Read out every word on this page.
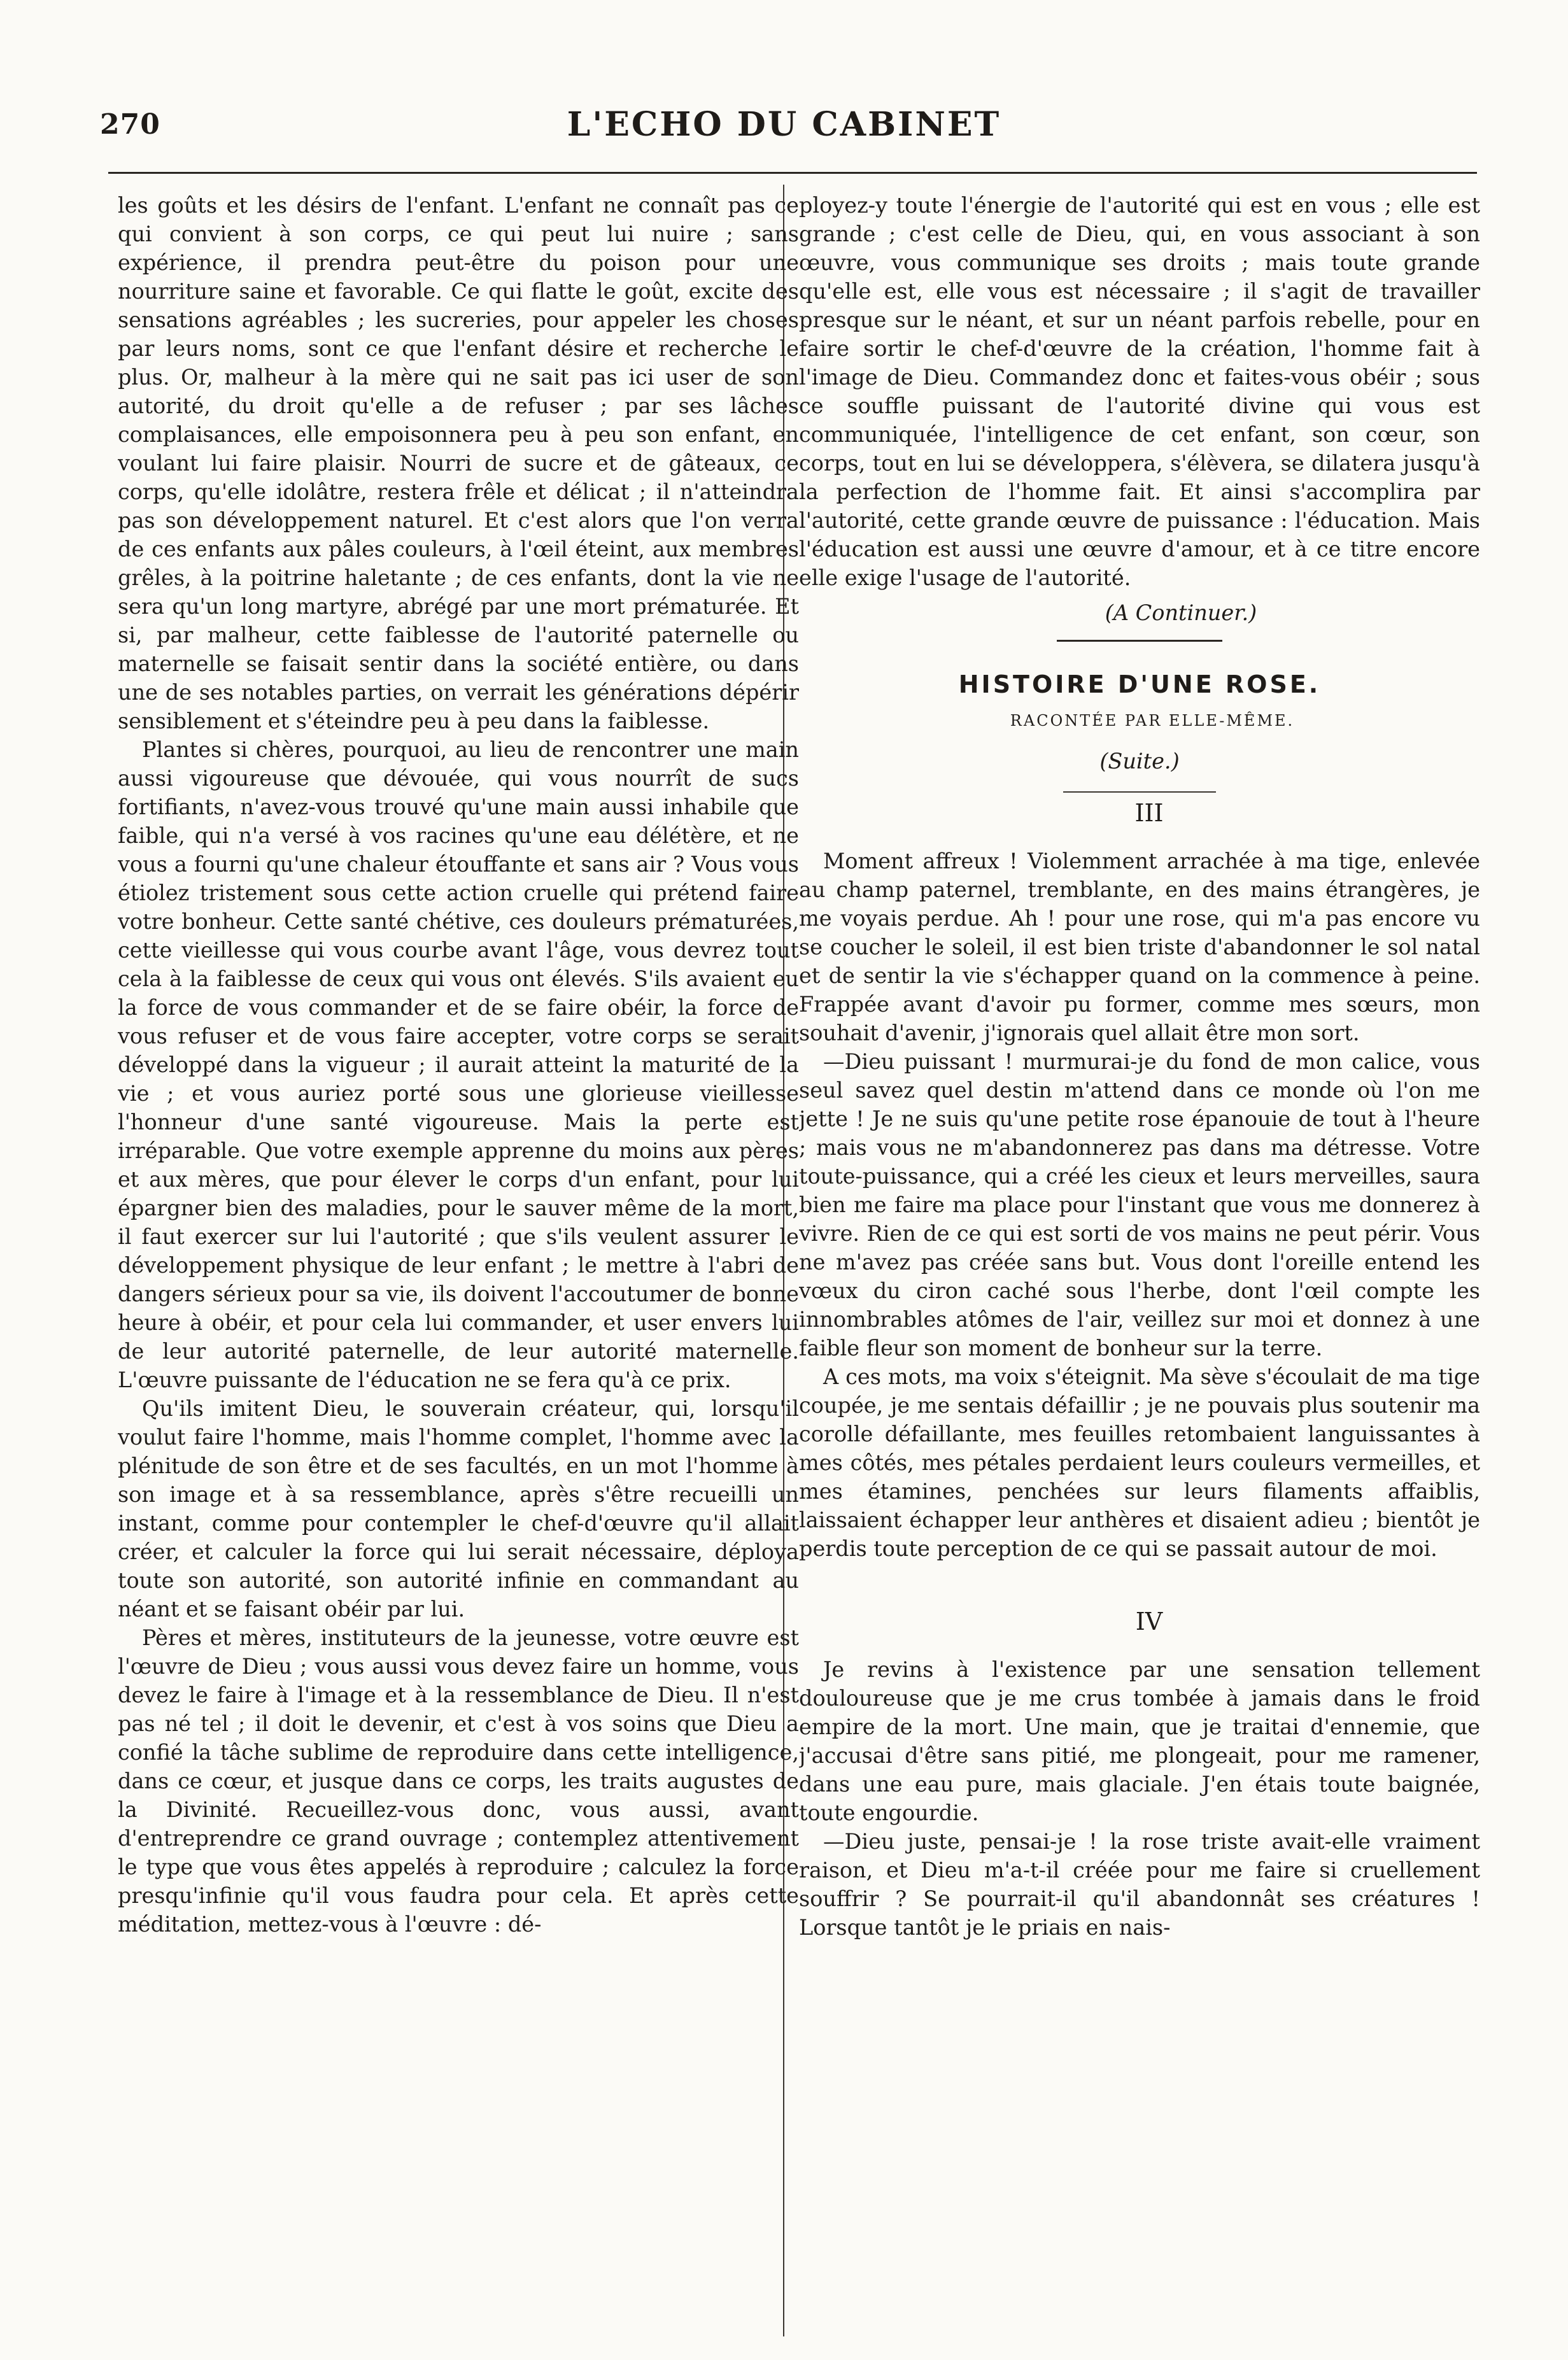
270	L'ECHO DU CABINET

les goûts et les désirs de l'enfant. L'enfant ne connaît pas ce qui convient à son corps, ce qui peut lui nuire ; sans expérience, il prendra peut-être du poison pour une nourriture saine et favorable. Ce qui flatte le goût, excite des sensations agréables ; les sucreries, pour appeler les choses par leurs noms, sont ce que l'enfant désire et recherche le plus. Or, malheur à la mère qui ne sait pas ici user de son autorité, du droit qu'elle a de refuser ; par ses lâches complaisances, elle empoisonnera peu à peu son enfant, en voulant lui faire plaisir. Nourri de sucre et de gâteaux, ce corps, qu'elle idolâtre, restera frêle et délicat ; il n'atteindra pas son développement naturel. Et c'est alors que l'on verra de ces enfants aux pâles couleurs, à l'œil éteint, aux membres grêles, à la poitrine haletante ; de ces enfants, dont la vie ne sera qu'un long martyre, abrégé par une mort prématurée. Et si, par malheur, cette faiblesse de l'autorité paternelle ou maternelle se faisait sentir dans la société entière, ou dans une de ses notables parties, on verrait les générations dépérir sensiblement et s'éteindre peu à peu dans la faiblesse.

Plantes si chères, pourquoi, au lieu de rencontrer une main aussi vigoureuse que dévouée, qui vous nourrît de sucs fortifiants, n'avez-vous trouvé qu'une main aussi inhabile que faible, qui n'a versé à vos racines qu'une eau délétère, et ne vous a fourni qu'une chaleur étouffante et sans air ? Vous vous étiolez tristement sous cette action cruelle qui prétend faire votre bonheur. Cette santé chétive, ces douleurs prématurées, cette vieillesse qui vous courbe avant l'âge, vous devrez tout cela à la faiblesse de ceux qui vous ont élevés. S'ils avaient eu la force de vous commander et de se faire obéir, la force de vous refuser et de vous faire accepter, votre corps se serait développé dans la vigueur ; il aurait atteint la maturité de la vie ; et vous auriez porté sous une glorieuse vieillesse l'honneur d'une santé vigoureuse. Mais la perte est irréparable. Que votre exemple apprenne du moins aux pères et aux mères, que pour élever le corps d'un enfant, pour lui épargner bien des maladies, pour le sauver même de la mort, il faut exercer sur lui l'autorité ; que s'ils veulent assurer le développement physique de leur enfant ; le mettre à l'abri de dangers sérieux pour sa vie, ils doivent l'accoutumer de bonne heure à obéir, et pour cela lui commander, et user envers lui de leur autorité paternelle, de leur autorité maternelle. L'œuvre puissante de l'éducation ne se fera qu'à ce prix.

Qu'ils imitent Dieu, le souverain créateur, qui, lorsqu'il voulut faire l'homme, mais l'homme complet, l'homme avec la plénitude de son être et de ses facultés, en un mot l'homme à son image et à sa ressemblance, après s'être recueilli un instant, comme pour contempler le chef-d'œuvre qu'il allait créer, et calculer la force qui lui serait nécessaire, déploya toute son autorité, son autorité infinie en commandant au néant et se faisant obéir par lui.

Pères et mères, instituteurs de la jeunesse, votre œuvre est l'œuvre de Dieu ; vous aussi vous devez faire un homme, vous devez le faire à l'image et à la ressemblance de Dieu. Il n'est pas né tel ; il doit le devenir, et c'est à vos soins que Dieu a confié la tâche sublime de reproduire dans cette intelligence, dans ce cœur, et jusque dans ce corps, les traits augustes de la Divinité. Recueillez-vous donc, vous aussi, avant d'entreprendre ce grand ouvrage ; contemplez attentivement le type que vous êtes appelés à reproduire ; calculez la force presqu'infinie qu'il vous faudra pour cela. Et après cette méditation, mettez-vous à l'œuvre : dé-

ployez-y toute l'énergie de l'autorité qui est en vous ; elle est grande ; c'est celle de Dieu, qui, en vous associant à son œuvre, vous communique ses droits ; mais toute grande qu'elle est, elle vous est nécessaire ; il s'agit de travailler presque sur le néant, et sur un néant parfois rebelle, pour en faire sortir le chef-d'œuvre de la création, l'homme fait à l'image de Dieu. Commandez donc et faites-vous obéir ; sous ce souffle puissant de l'autorité divine qui vous est communiquée, l'intelligence de cet enfant, son cœur, son corps, tout en lui se développera, s'élèvera, se dilatera jusqu'à la perfection de l'homme fait. Et ainsi s'accomplira par l'autorité, cette grande œuvre de puissance : l'éducation. Mais l'éducation est aussi une œuvre d'amour, et à ce titre encore elle exige l'usage de l'autorité.

(A Continuer.)
HISTOIRE D'UNE ROSE.
RACONTÉE PAR ELLE-MÊME.
(Suite.)
III

Moment affreux ! Violemment arrachée à ma tige, enlevée au champ paternel, tremblante, en des mains étrangères, je me voyais perdue. Ah ! pour une rose, qui m'a pas encore vu se coucher le soleil, il est bien triste d'abandonner le sol natal et de sentir la vie s'échapper quand on la commence à peine. Frappée avant d'avoir pu former, comme mes sœurs, mon souhait d'avenir, j'ignorais quel allait être mon sort.

—Dieu puissant ! murmurai-je du fond de mon calice, vous seul savez quel destin m'attend dans ce monde où l'on me jette ! Je ne suis qu'une petite rose épanouie de tout à l'heure ; mais vous ne m'abandonnerez pas dans ma détresse. Votre toute-puissance, qui a créé les cieux et leurs merveilles, saura bien me faire ma place pour l'instant que vous me donnerez à vivre. Rien de ce qui est sorti de vos mains ne peut périr. Vous ne m'avez pas créée sans but. Vous dont l'oreille entend les vœux du ciron caché sous l'herbe, dont l'œil compte les innombrables atômes de l'air, veillez sur moi et donnez à une faible fleur son moment de bonheur sur la terre.

A ces mots, ma voix s'éteignit. Ma sève s'écoulait de ma tige coupée, je me sentais défaillir ; je ne pouvais plus soutenir ma corolle défaillante, mes feuilles retombaient languissantes à mes côtés, mes pétales perdaient leurs couleurs vermeilles, et mes étamines, penchées sur leurs filaments affaiblis, laissaient échapper leur anthères et disaient adieu ; bientôt je perdis toute perception de ce qui se passait autour de moi.

IV

Je revins à l'existence par une sensation tellement douloureuse que je me crus tombée à jamais dans le froid empire de la mort. Une main, que je traitai d'ennemie, que j'accusai d'être sans pitié, me plongeait, pour me ramener, dans une eau pure, mais glaciale. J'en étais toute baignée, toute engourdie.

—Dieu juste, pensai-je ! la rose triste avait-elle vraiment raison, et Dieu m'a-t-il créée pour me faire si cruellement souffrir ? Se pourrait-il qu'il abandonnât ses créatures ! Lorsque tantôt je le priais en nais-
